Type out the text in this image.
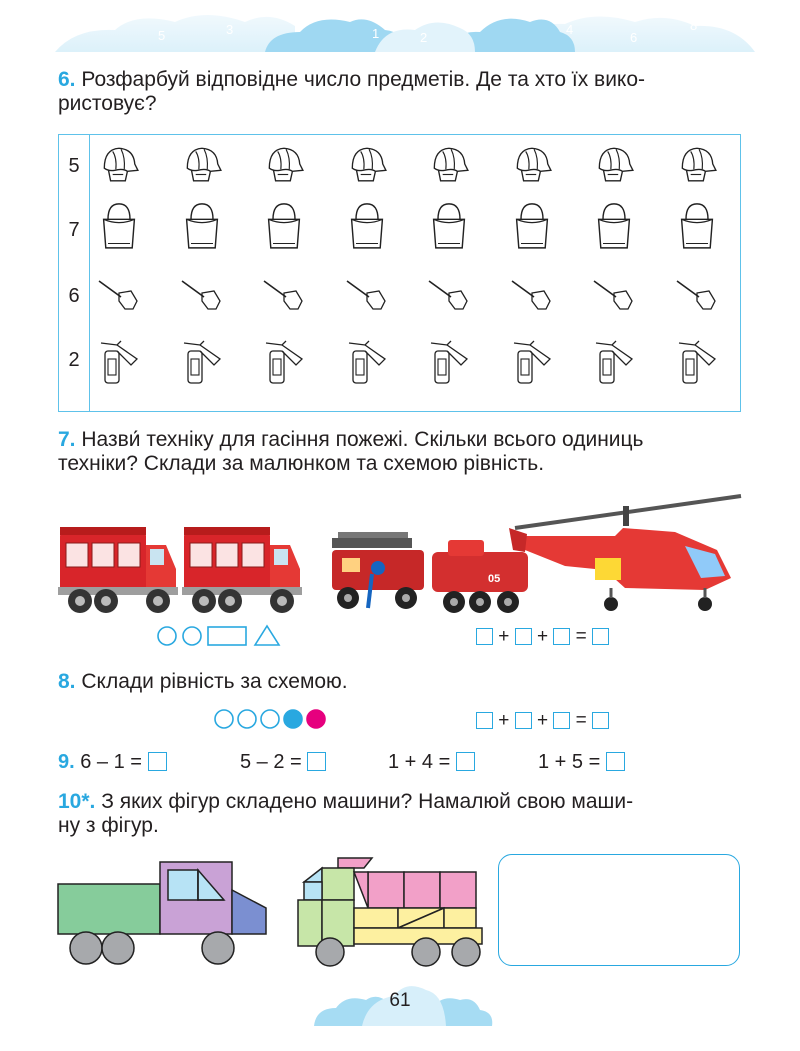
7
5	3	1
0
2
4
6
8
6. Розфарбуй відповідне число предметів. Де та хто їх вико-
ристовує?
5
7
6
2
7. Назви́ техніку для гасіння пожежі. Скільки всього одиниць
техніки? Склади за малюнком та схемою рівність.
05
+ + =
8. Склади рівність за схемою.
+ + =
9. 6 – 1 =	5 – 2 =	1 + 4 =	1 + 5 =
10*. З яких фігур складено машини? Намалюй свою маши-
ну з фігур.
61
